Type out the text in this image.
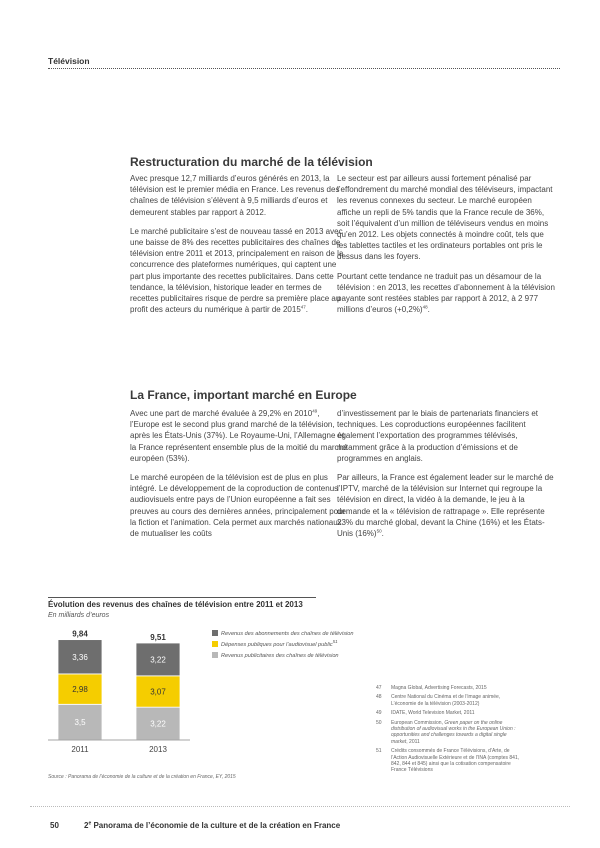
Télévision
Restructuration du marché de la télévision

Avec presque 12,7 milliards d’euros générés en 2013, la télévision est le premier média en France. Les revenus des chaînes de télévision s’élèvent à 9,5 milliards d’euros et demeurent stables par rapport à 2012.

Le marché publicitaire s’est de nouveau tassé en 2013 avec une baisse de 8% des recettes publicitaires des chaînes de télévision entre 2011 et 2013, principalement en raison de la concurrence des plateformes numériques, qui captent une part plus importante des recettes publicitaires. Dans cette tendance, la télévision, historique leader en termes de recettes publicitaires risque de perdre sa première place au profit des acteurs du numérique à partir de 2015$^{47}$.

Le secteur est par ailleurs aussi fortement pénalisé par l’effondrement du marché mondial des téléviseurs, impactant les revenus connexes du secteur. Le marché européen affiche un repli de 5% tandis que la France recule de 36%, soit l’équivalent d’un million de téléviseurs vendus en moins qu’en 2012. Les objets connectés à moindre coût, tels que les tablettes tactiles et les ordinateurs portables ont pris le dessus dans les foyers.

Pourtant cette tendance ne traduit pas un désamour de la télévision : en 2013, les recettes d’abonnement à la télévision payante sont restées stables par rapport à 2012, à 2 977 millions d’euros $(+0,2\%)^{48}$.

La France, important marché en Europe

Avec une part de marché évaluée à 29,2% en 2010$^{49}$, l’Europe est le second plus grand marché de la télévision, après les États-Unis (37%). Le Royaume-Uni, l’Allemagne et la France représentent ensemble plus de la moitié du marché européen (53%).

Le marché européen de la télévision est de plus en plus intégré. Le développement de la coproduction de contenus audiovisuels entre pays de l’Union européenne a fait ses preuves au cours des dernières années, principalement pour la fiction et l’animation. Cela permet aux marchés nationaux de mutualiser les coûts

d’investissement par le biais de partenariats financiers et techniques. Les coproductions européennes facilitent également l’exportation des programmes télévisés, notamment grâce à la production d’émissions et de programmes en anglais.

Par ailleurs, la France est également leader sur le marché de l’IPTV, marché de la télévision sur Internet qui regroupe la télévision en direct, la vidéo à la demande, le jeu à la demande et la « télévision de rattrapage ». Elle représente 23% du marché global, devant la Chine (16%) et les États-Unis $(16\%)^{50}$.

Évolution des revenus des chaînes de télévision entre 2011 et 2013
En milliards d’euros
3,5
2,98
3,36
9,84
2011
3,22
3,07
3,22
9,51
2013
Revenus des abonnements des chaînes de télévision
Dépenses publiques pour l’audiovisuel public$^{51}$
Revenus publicitaires des chaînes de télévision
Source : Panorama de l’économie de la culture et de la création en France, EY, 2015
47 Magna Global, Advertising Forecasts, 2015
48 Centre National du Cinéma et de l’image animée, L’économie de la télévision (2003-2012)
49 IDATE, World Television Market, 2011
50 European Commission, Green paper on the online distribution of audiovisual works in the European Union : opportunities and challenges towards a digital single market, 2011
51 Crédits consommés de France Télévisions, d’Arte, de l’Action Audiovisuelle Extérieure et de l’INA (comptes 841, 842, 844 et 845) ainsi que la cotisation compensatoire France Télévisions
50	2e Panorama de l’économie de la culture et de la création en France
